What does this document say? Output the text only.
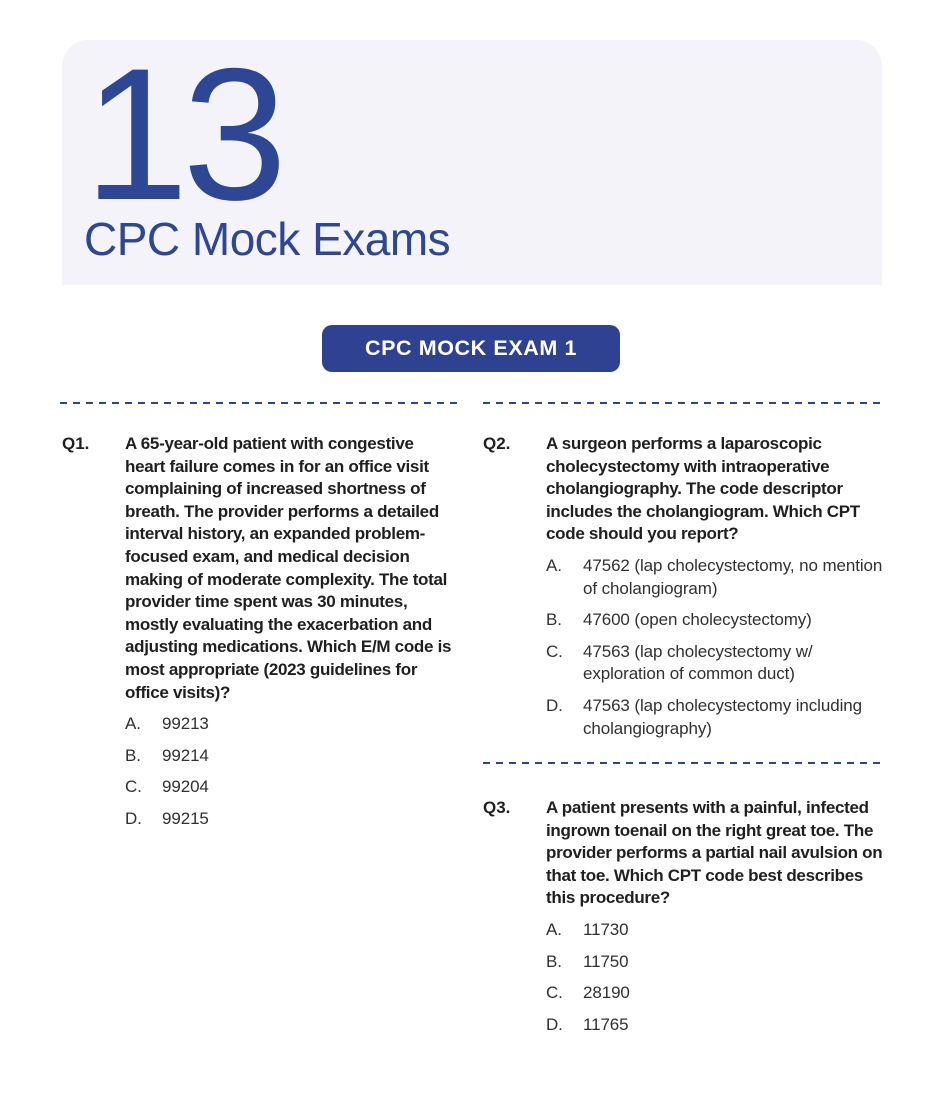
13
CPC Mock Exams
CPC MOCK EXAM 1
Q1.	A 65-year-old patient with congestive heart failure comes in for an office visit complaining of increased shortness of breath. The provider performs a detailed interval history, an expanded problem-focused exam, and medical decision making of moderate complexity. The total provider time spent was 30 minutes, mostly evaluating the exacerbation and adjusting medications. Which E/M code is most appropriate (2023 guidelines for office visits)?
A.	99213
B.	99214
C.	99204
D.	99215
Q2.	A surgeon performs a laparoscopic cholecystectomy with intraoperative cholangiography. The code descriptor includes the cholangiogram. Which CPT code should you report?
A.	47562 (lap cholecystectomy, no mention of cholangiogram)
B.	47600 (open cholecystectomy)
C.	47563 (lap cholecystectomy w/ exploration of common duct)
D.	47563 (lap cholecystectomy including cholangiography)
Q3.	A patient presents with a painful, infected ingrown toenail on the right great toe. The provider performs a partial nail avulsion on that toe. Which CPT code best describes this procedure?
A.	11730
B.	11750
C.	28190
D.	11765
